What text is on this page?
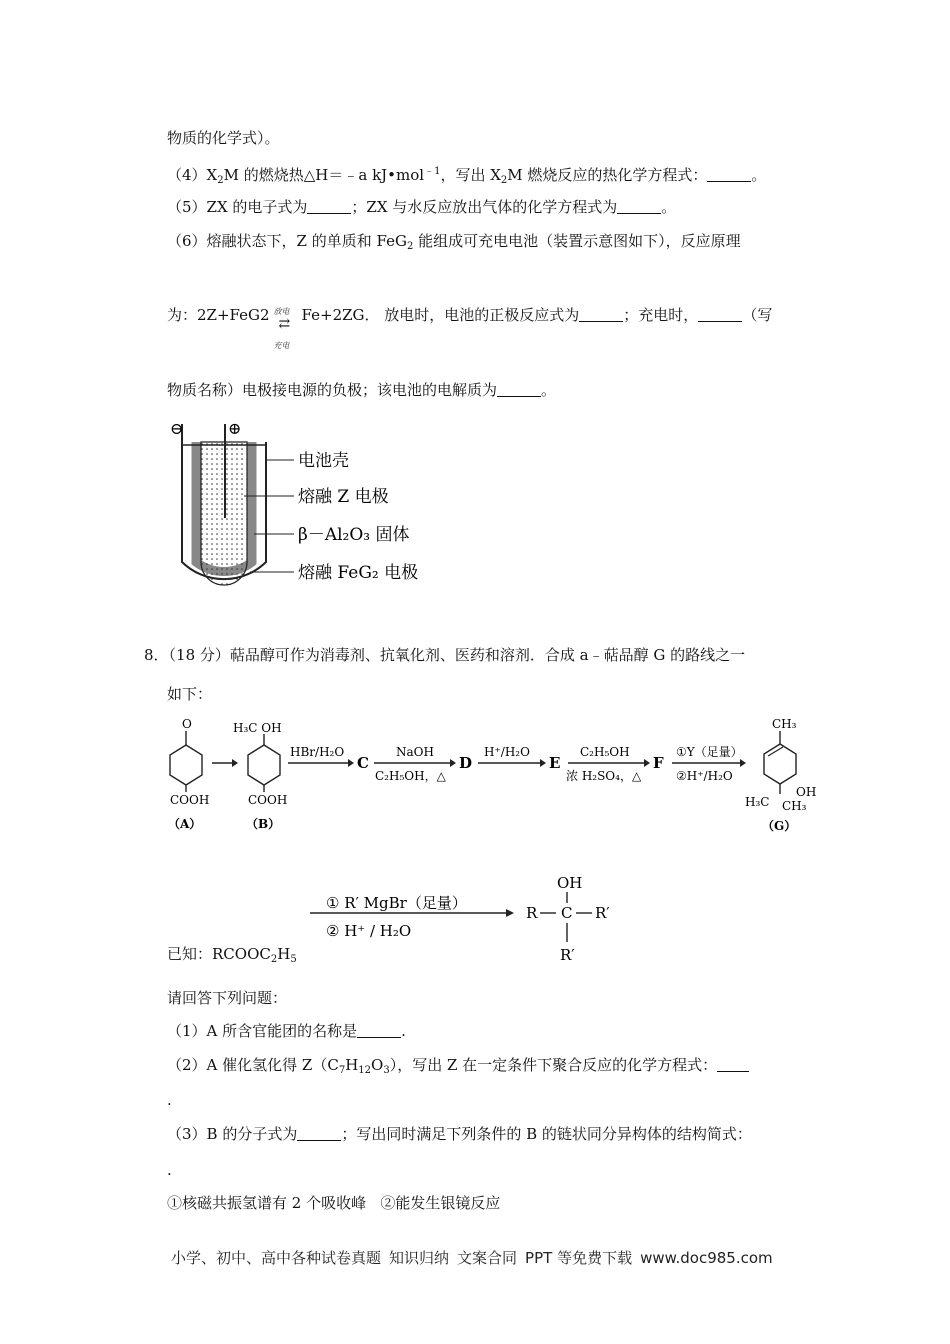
物质的化学式）。
$(4)X_2M$ 的燃烧热△H＝﹣a kJ•mol$^{﹣1}$，写出 $X_2M$ 燃烧反应的热化学方程式：	。
（5）ZX 的电子式为	；ZX 与水反应放出气体的化学方程式为	。
（6）熔融状态下，Z 的单质和 FeG$_2$ 能组成可充电电池（装置示意图如下），反应原理
为：2Z+FeG2 放电
⇄
充电
Fe+2ZG． 放电时，电池的正极反应式为	；充电时，	（写
物质名称）电极接电源的负极；该电池的电解质为	。
⊖	⊕
电池壳
熔融 Z 电极
β－Al₂O₃ 固体
熔融 FeG₂ 电极
8．（18 分）萜品醇可作为消毒剂、抗氧化剂、医药和溶剂．合成 a﹣萜品醇 G 的路线之一
如下：
O
COOH
（A）
H₃C OH
COOH
（B）
HBr/H₂O
C
NaOH
C₂H₅OH，△
D
H⁺/H₂O
E
C₂H₅OH
浓 H₂SO₄，△
F
①Y（足量）
②H⁺/H₂O
CH₃
H₃C
OH
CH₃
（G）
① R′ MgBr（足量）
② H⁺ / H₂O
OH
R C R′
R′
已知：$RCOOC_2H_5$
请回答下列问题：
（1）A 所含官能团的名称是	.
（2）A 催化氢化得 $Z(C_7H_{12}O_3)$，写出 Z 在一定条件下聚合反应的化学方程式：
.
（3）B 的分子式为	；写出同时满足下列条件的 B 的链状同分异构体的结构简式：
.
①核磁共振氢谱有 2 个吸收峰 ②能发生银镜反应
小学、初中、高中各种试卷真题 知识归纳 文案合同 PPT 等免费下载 www.doc985.com
